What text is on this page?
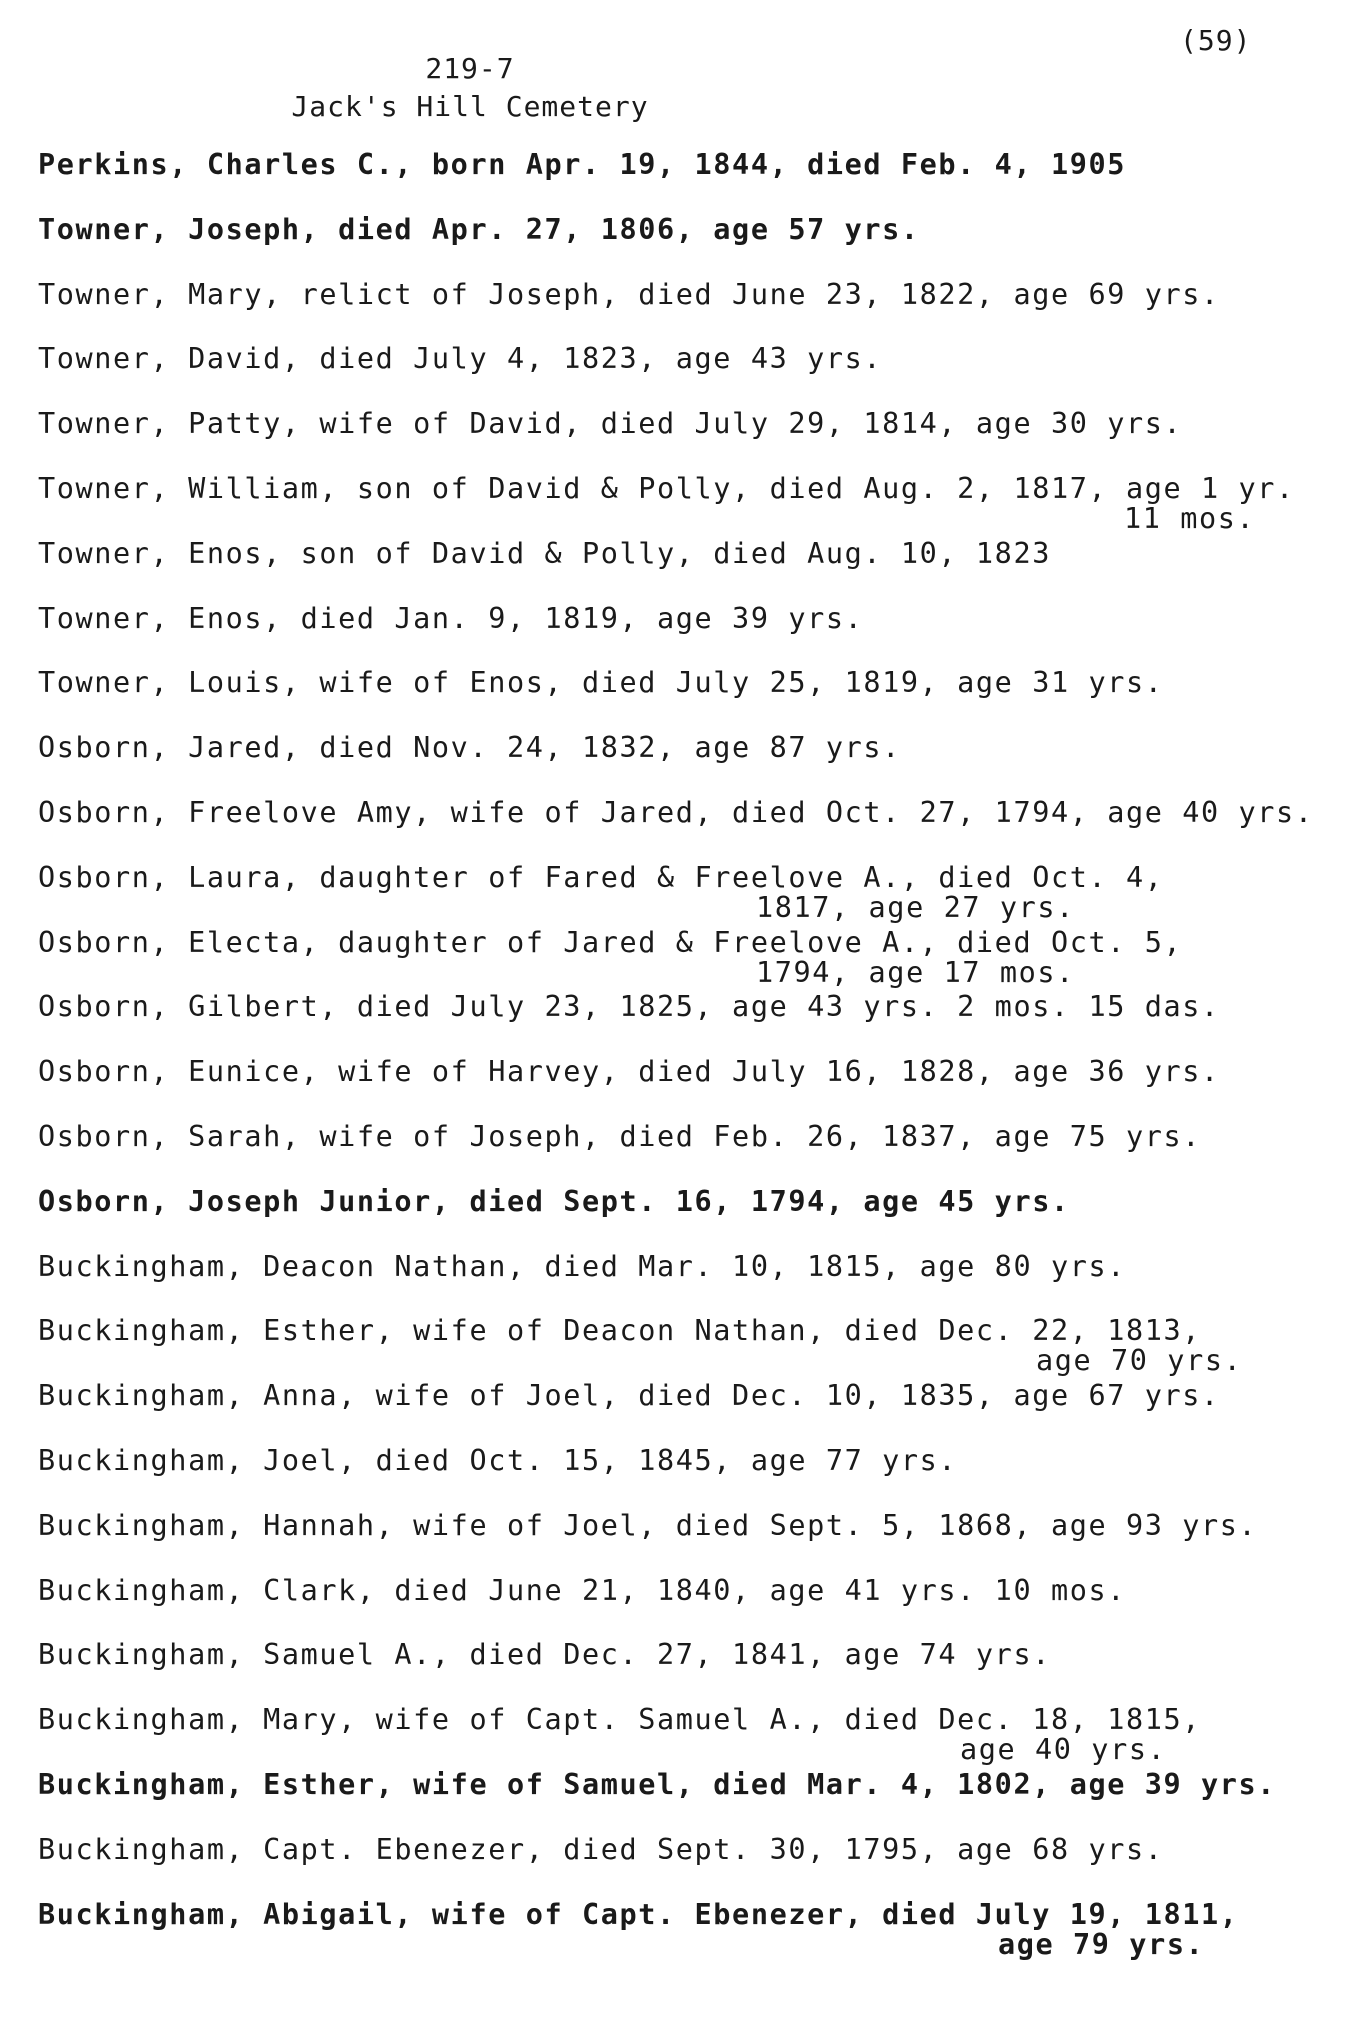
(59)
219-7
Jack's Hill Cemetery
Perkins, Charles C., born Apr. 19, 1844, died Feb. 4, 1905
Towner, Joseph, died Apr. 27, 1806, age 57 yrs.
Towner, Mary, relict of Joseph, died June 23, 1822, age 69 yrs.
Towner, David, died July 4, 1823, age 43 yrs.
Towner, Patty, wife of David, died July 29, 1814, age 30 yrs.
Towner, William, son of David & Polly, died Aug. 2, 1817, age 1 yr.
11 mos.
Towner, Enos, son of David & Polly, died Aug. 10, 1823
Towner, Enos, died Jan. 9, 1819, age 39 yrs.
Towner, Louis, wife of Enos, died July 25, 1819, age 31 yrs.
Osborn, Jared, died Nov. 24, 1832, age 87 yrs.
Osborn, Freelove Amy, wife of Jared, died Oct. 27, 1794, age 40 yrs.
Osborn, Laura, daughter of Fared & Freelove A., died Oct. 4,
1817, age 27 yrs.
Osborn, Electa, daughter of Jared & Freelove A., died Oct. 5,
1794, age 17 mos.
Osborn, Gilbert, died July 23, 1825, age 43 yrs. 2 mos. 15 das.
Osborn, Eunice, wife of Harvey, died July 16, 1828, age 36 yrs.
Osborn, Sarah, wife of Joseph, died Feb. 26, 1837, age 75 yrs.
Osborn, Joseph Junior, died Sept. 16, 1794, age 45 yrs.
Buckingham, Deacon Nathan, died Mar. 10, 1815, age 80 yrs.
Buckingham, Esther, wife of Deacon Nathan, died Dec. 22, 1813,
age 70 yrs.
Buckingham, Anna, wife of Joel, died Dec. 10, 1835, age 67 yrs.
Buckingham, Joel, died Oct. 15, 1845, age 77 yrs.
Buckingham, Hannah, wife of Joel, died Sept. 5, 1868, age 93 yrs.
Buckingham, Clark, died June 21, 1840, age 41 yrs. 10 mos.
Buckingham, Samuel A., died Dec. 27, 1841, age 74 yrs.
Buckingham, Mary, wife of Capt. Samuel A., died Dec. 18, 1815,
age 40 yrs.
Buckingham, Esther, wife of Samuel, died Mar. 4, 1802, age 39 yrs.
Buckingham, Capt. Ebenezer, died Sept. 30, 1795, age 68 yrs.
Buckingham, Abigail, wife of Capt. Ebenezer, died July 19, 1811,
age 79 yrs.
